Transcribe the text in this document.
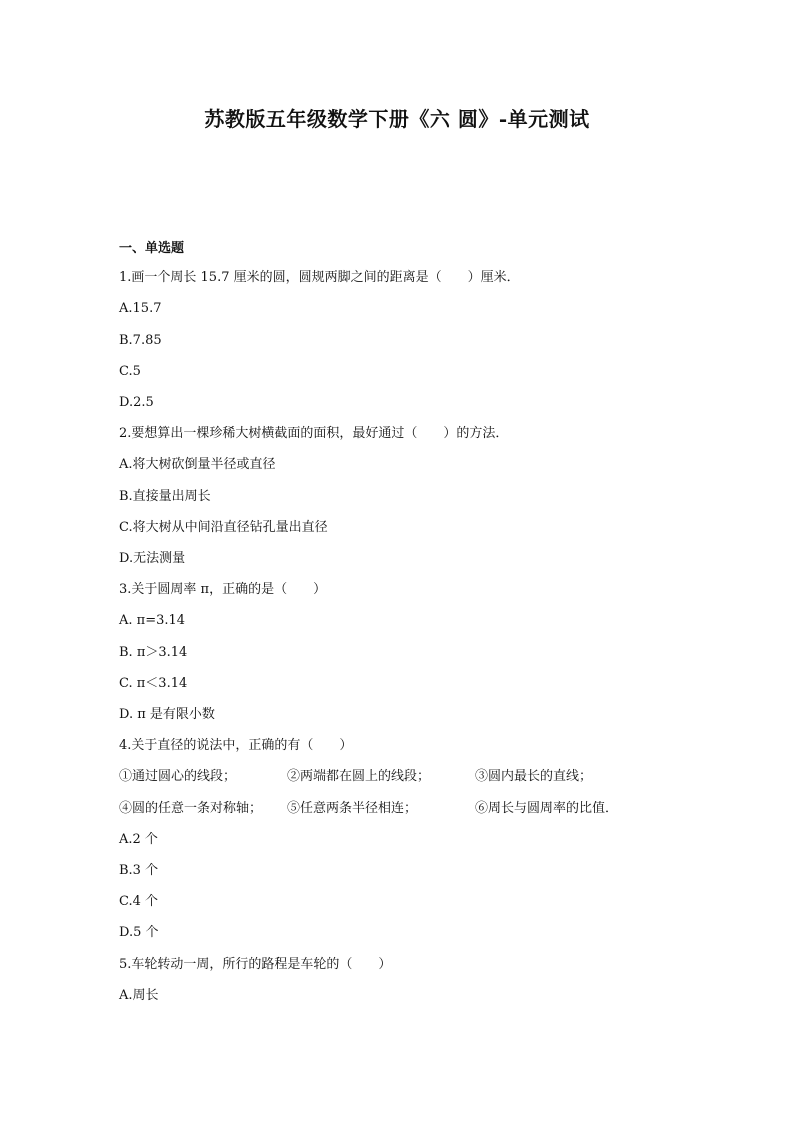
苏教版五年级数学下册《六 圆》-单元测试
一、单选题
1.画一个周长 15.7 厘米的圆，圆规两脚之间的距离是（　　）厘米．
A.15.7
B.7.85
C.5
D.2.5
2.要想算出一棵珍稀大树横截面的面积，最好通过（　　）的方法．
A.将大树砍倒量半径或直径
B.直接量出周长
C.将大树从中间沿直径钻孔量出直径
D.无法测量
3.关于圆周率 π，正确的是（　　）
A. π=3.14
B. π＞3.14
C. π＜3.14
D. π 是有限小数
4.关于直径的说法中，正确的有（　　）
①通过圆心的线段；	②两端都在圆上的线段；	③圆内最长的直线；
④圆的任意一条对称轴； ⑤任意两条半径相连；	⑥周长与圆周率的比值．
A.2 个
B.3 个
C.4 个
D.5 个
5.车轮转动一周，所行的路程是车轮的（　　）
A.周长
